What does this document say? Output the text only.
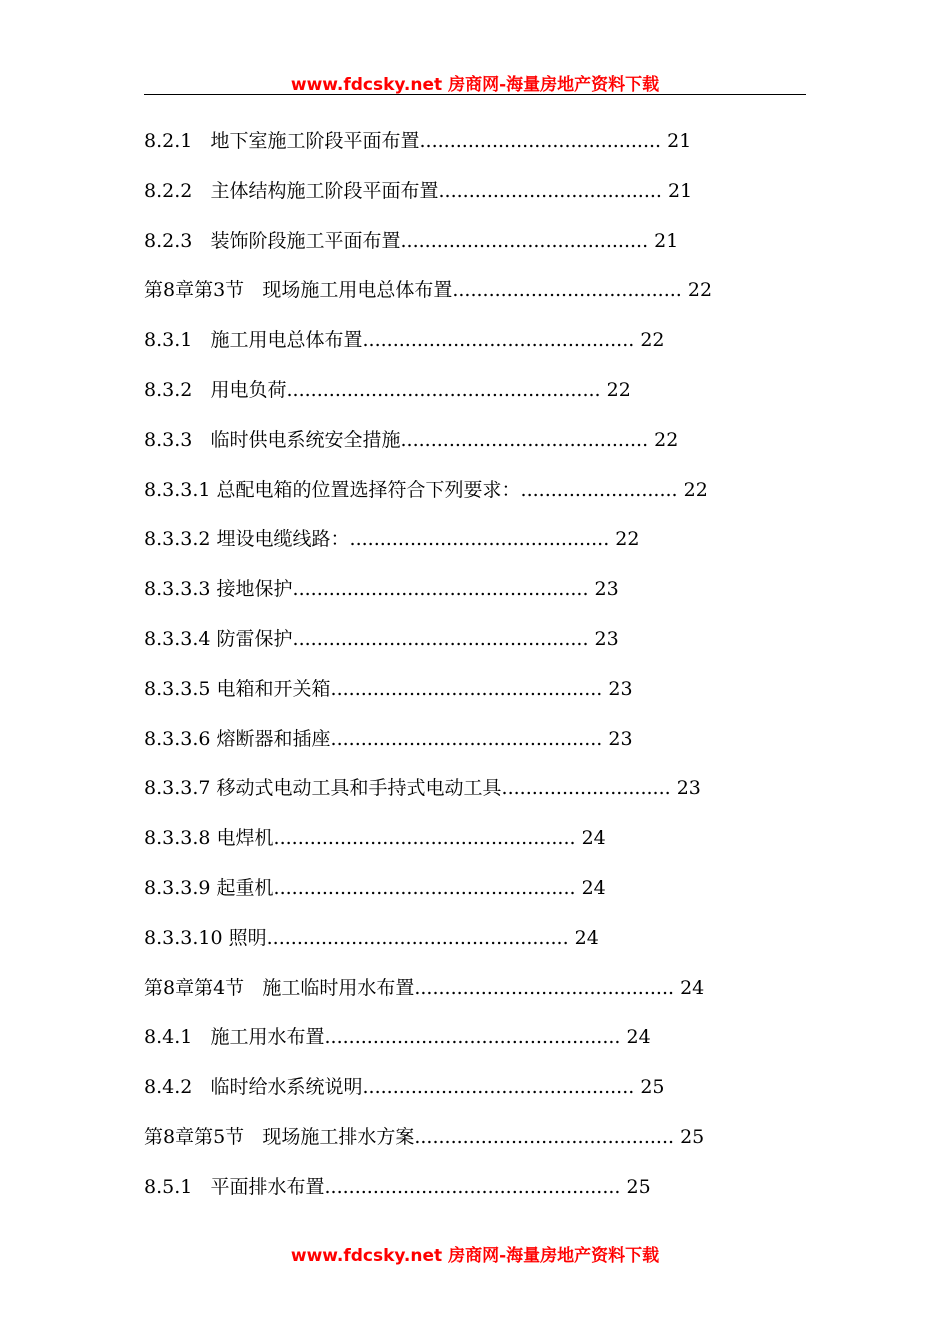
www.fdcsky.net 房商网-海量房地产资料下载
8.2.1 地下室施工阶段平面布置........................................ 21
8.2.2 主体结构施工阶段平面布置..................................... 21
8.2.3 装饰阶段施工平面布置......................................... 21
第8章第3节 现场施工用电总体布置...................................... 22
8.3.1 施工用电总体布置............................................. 22
8.3.2 用电负荷.................................................... 22
8.3.3 临时供电系统安全措施......................................... 22
8.3.3.1 总配电箱的位置选择符合下列要求：.......................... 22
8.3.3.2 埋设电缆线路：........................................... 22
8.3.3.3 接地保护................................................. 23
8.3.3.4 防雷保护................................................. 23
8.3.3.5 电箱和开关箱............................................. 23
8.3.3.6 熔断器和插座............................................. 23
8.3.3.7 移动式电动工具和手持式电动工具............................ 23
8.3.3.8 电焊机.................................................. 24
8.3.3.9 起重机.................................................. 24
8.3.3.10 照明.................................................. 24
第8章第4节 施工临时用水布置........................................... 24
8.4.1 施工用水布置................................................. 24
8.4.2 临时给水系统说明............................................. 25
第8章第5节 现场施工排水方案........................................... 25
8.5.1 平面排水布置................................................. 25
www.fdcsky.net 房商网-海量房地产资料下载
